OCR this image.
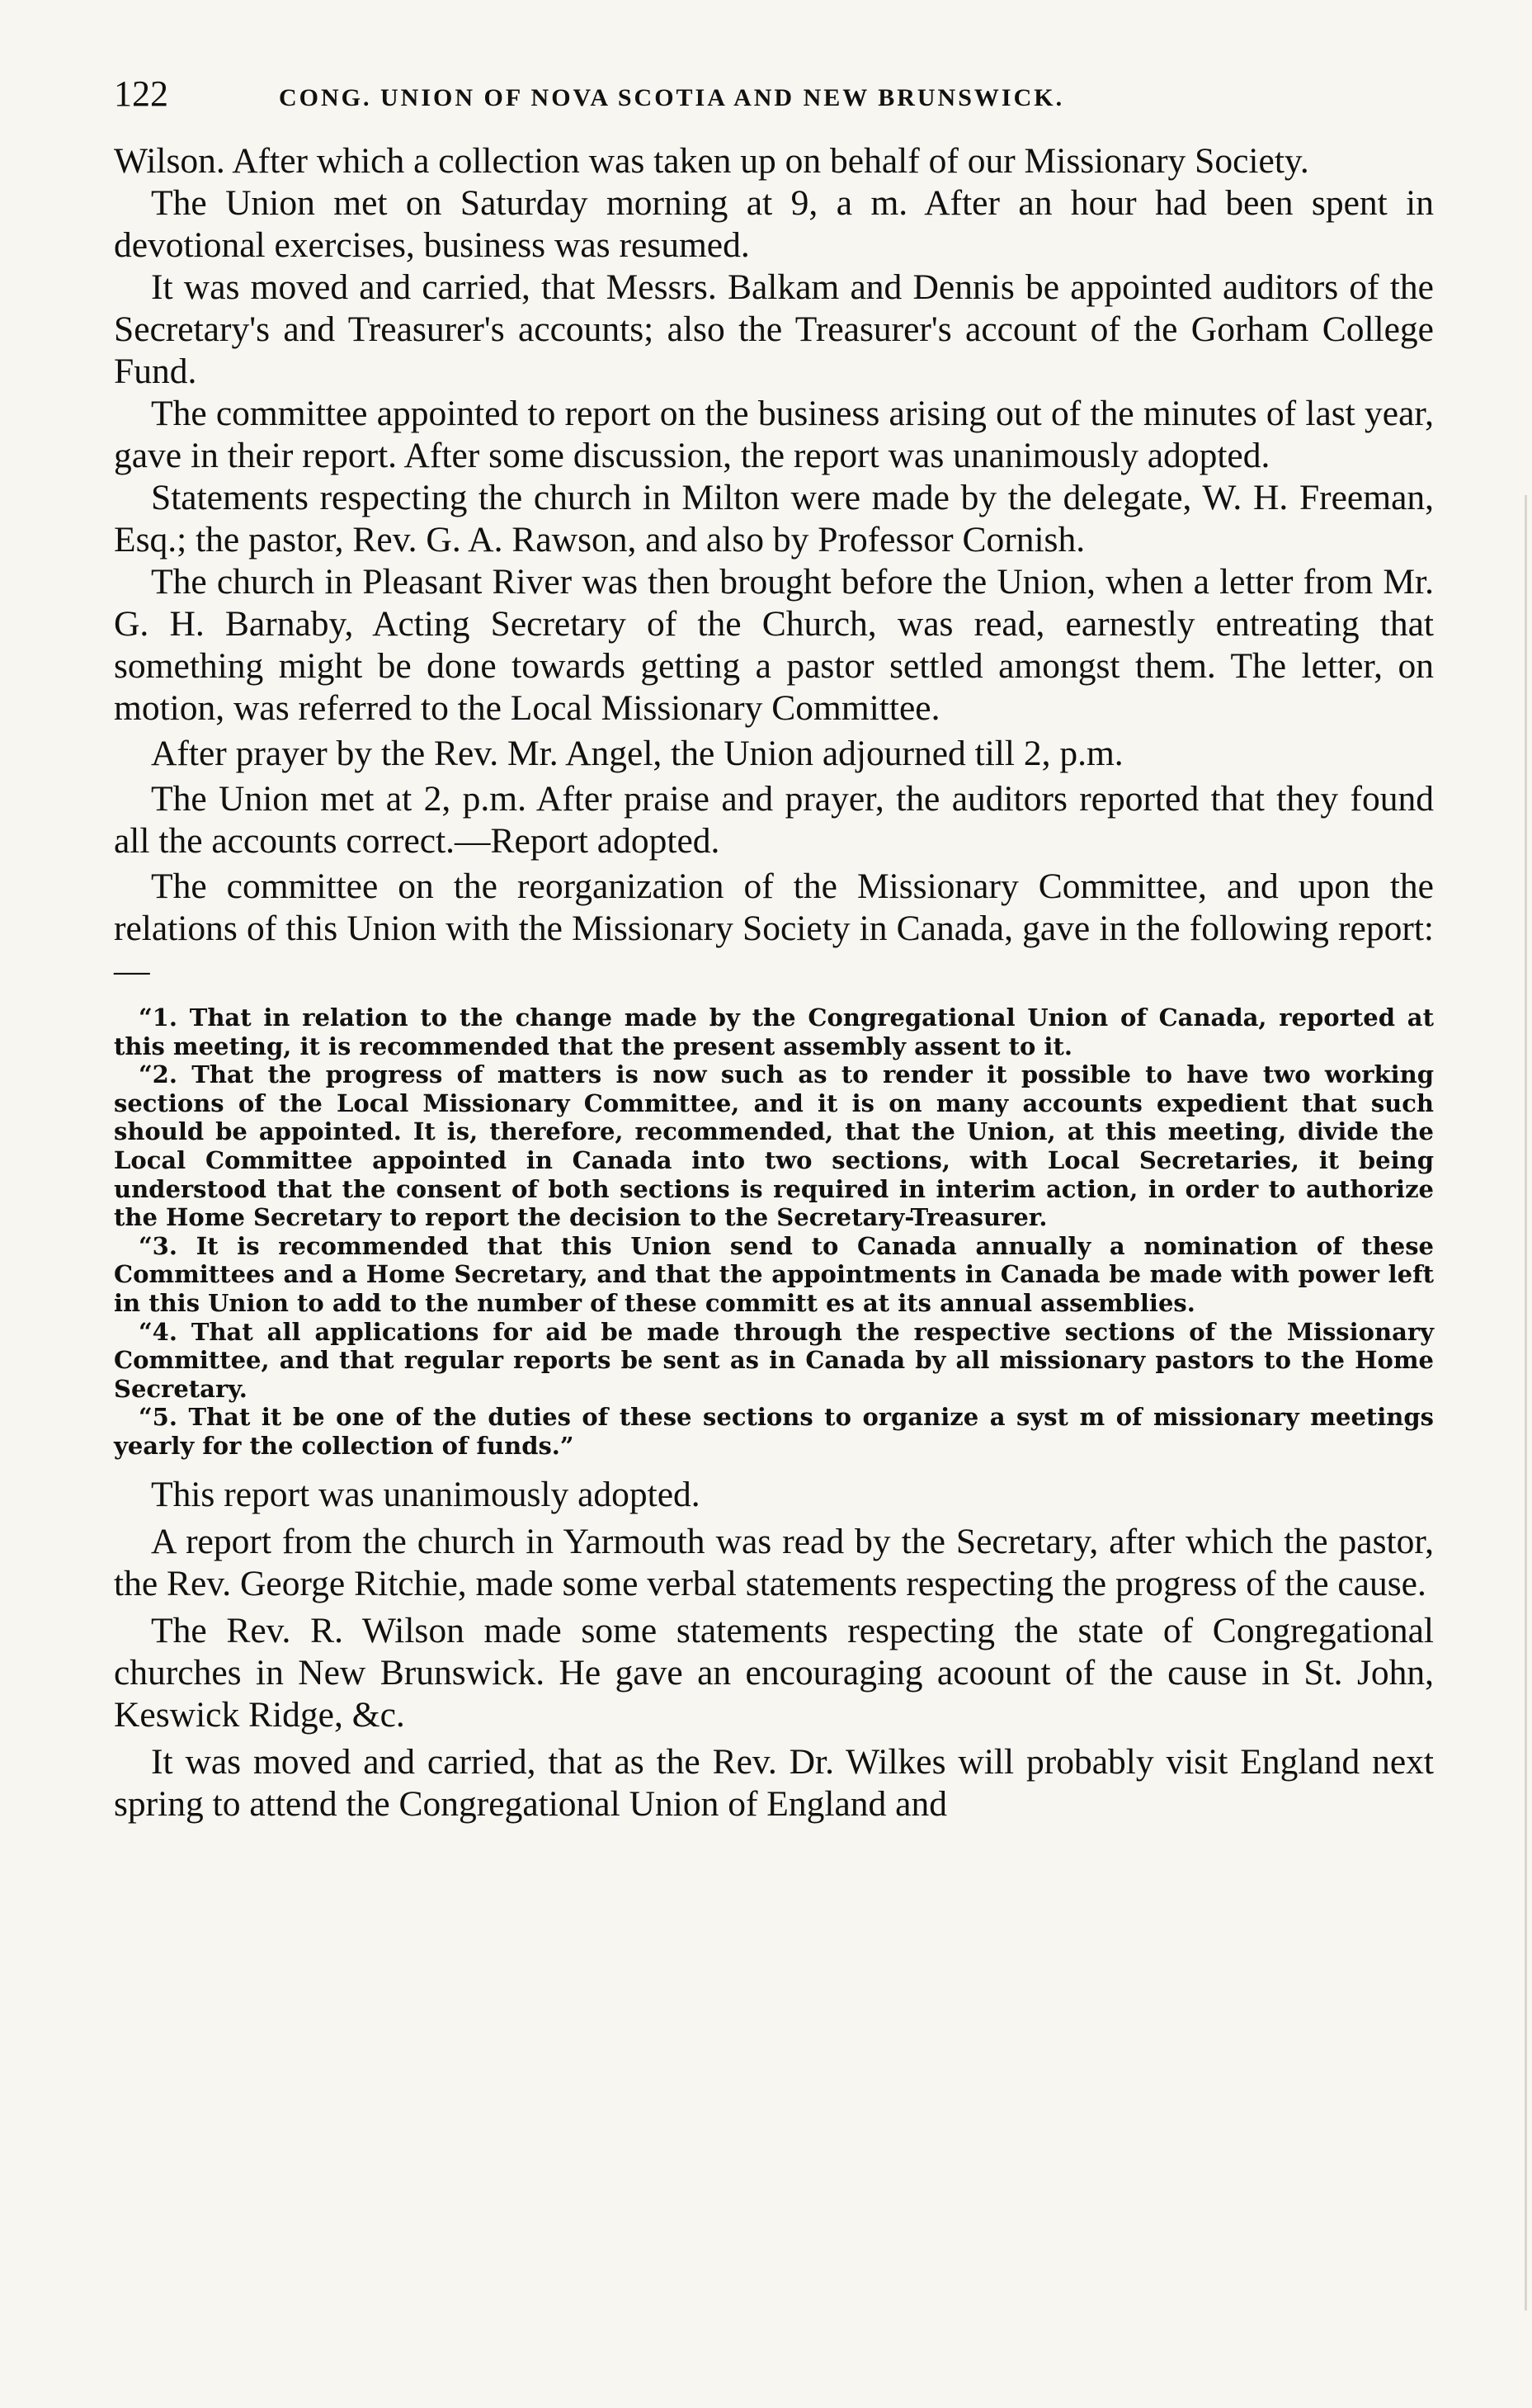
122	CONG. UNION OF NOVA SCOTIA AND NEW BRUNSWICK.

Wilson. After which a collection was taken up on behalf of our Missionary Society.

The Union met on Saturday morning at 9, a m. After an hour had been spent in devotional exercises, business was resumed.

It was moved and carried, that Messrs. Balkam and Dennis be appointed auditors of the Secretary's and Treasurer's accounts; also the Treasurer's account of the Gorham College Fund.

The committee appointed to report on the business arising out of the minutes of last year, gave in their report. After some discussion, the report was unanimously adopted.

Statements respecting the church in Milton were made by the delegate, W. H. Freeman, Esq.; the pastor, Rev. G. A. Rawson, and also by Professor Cornish.

The church in Pleasant River was then brought before the Union, when a letter from Mr. G. H. Barnaby, Acting Secretary of the Church, was read, earnestly entreating that something might be done towards getting a pastor settled amongst them. The letter, on motion, was referred to the Local Missionary Committee.

After prayer by the Rev. Mr. Angel, the Union adjourned till 2, p.m.

The Union met at 2, p.m. After praise and prayer, the auditors reported that they found all the accounts correct.—Report adopted.

The committee on the reorganization of the Missionary Committee, and upon the relations of this Union with the Missionary Society in Canada, gave in the following report:—

“1. That in relation to the change made by the Congregational Union of Canada, reported at this meeting, it is recommended that the present assembly assent to it.

“2. That the progress of matters is now such as to render it possible to have two working sections of the Local Missionary Committee, and it is on many accounts expedient that such should be appointed. It is, therefore, recommended, that the Union, at this meeting, divide the Local Committee appointed in Canada into two sections, with Local Secretaries, it being understood that the consent of both sections is required in interim action, in order to authorize the Home Secretary to report the decision to the Secretary-Treasurer.

“3. It is recommended that this Union send to Canada annually a nomination of these Committees and a Home Secretary, and that the appointments in Canada be made with power left in this Union to add to the number of these committ es at its annual assemblies.

“4. That all applications for aid be made through the respective sections of the Missionary Committee, and that regular reports be sent as in Canada by all missionary pastors to the Home Secretary.

“5. That it be one of the duties of these sections to organize a syst m of missionary meetings yearly for the collection of funds.”

This report was unanimously adopted.

A report from the church in Yarmouth was read by the Secretary, after which the pastor, the Rev. George Ritchie, made some verbal statements respecting the progress of the cause.

The Rev. R. Wilson made some statements respecting the state of Congregational churches in New Brunswick. He gave an encouraging acoount of the cause in St. John, Keswick Ridge, &c.

It was moved and carried, that as the Rev. Dr. Wilkes will probably visit England next spring to attend the Congregational Union of England and
